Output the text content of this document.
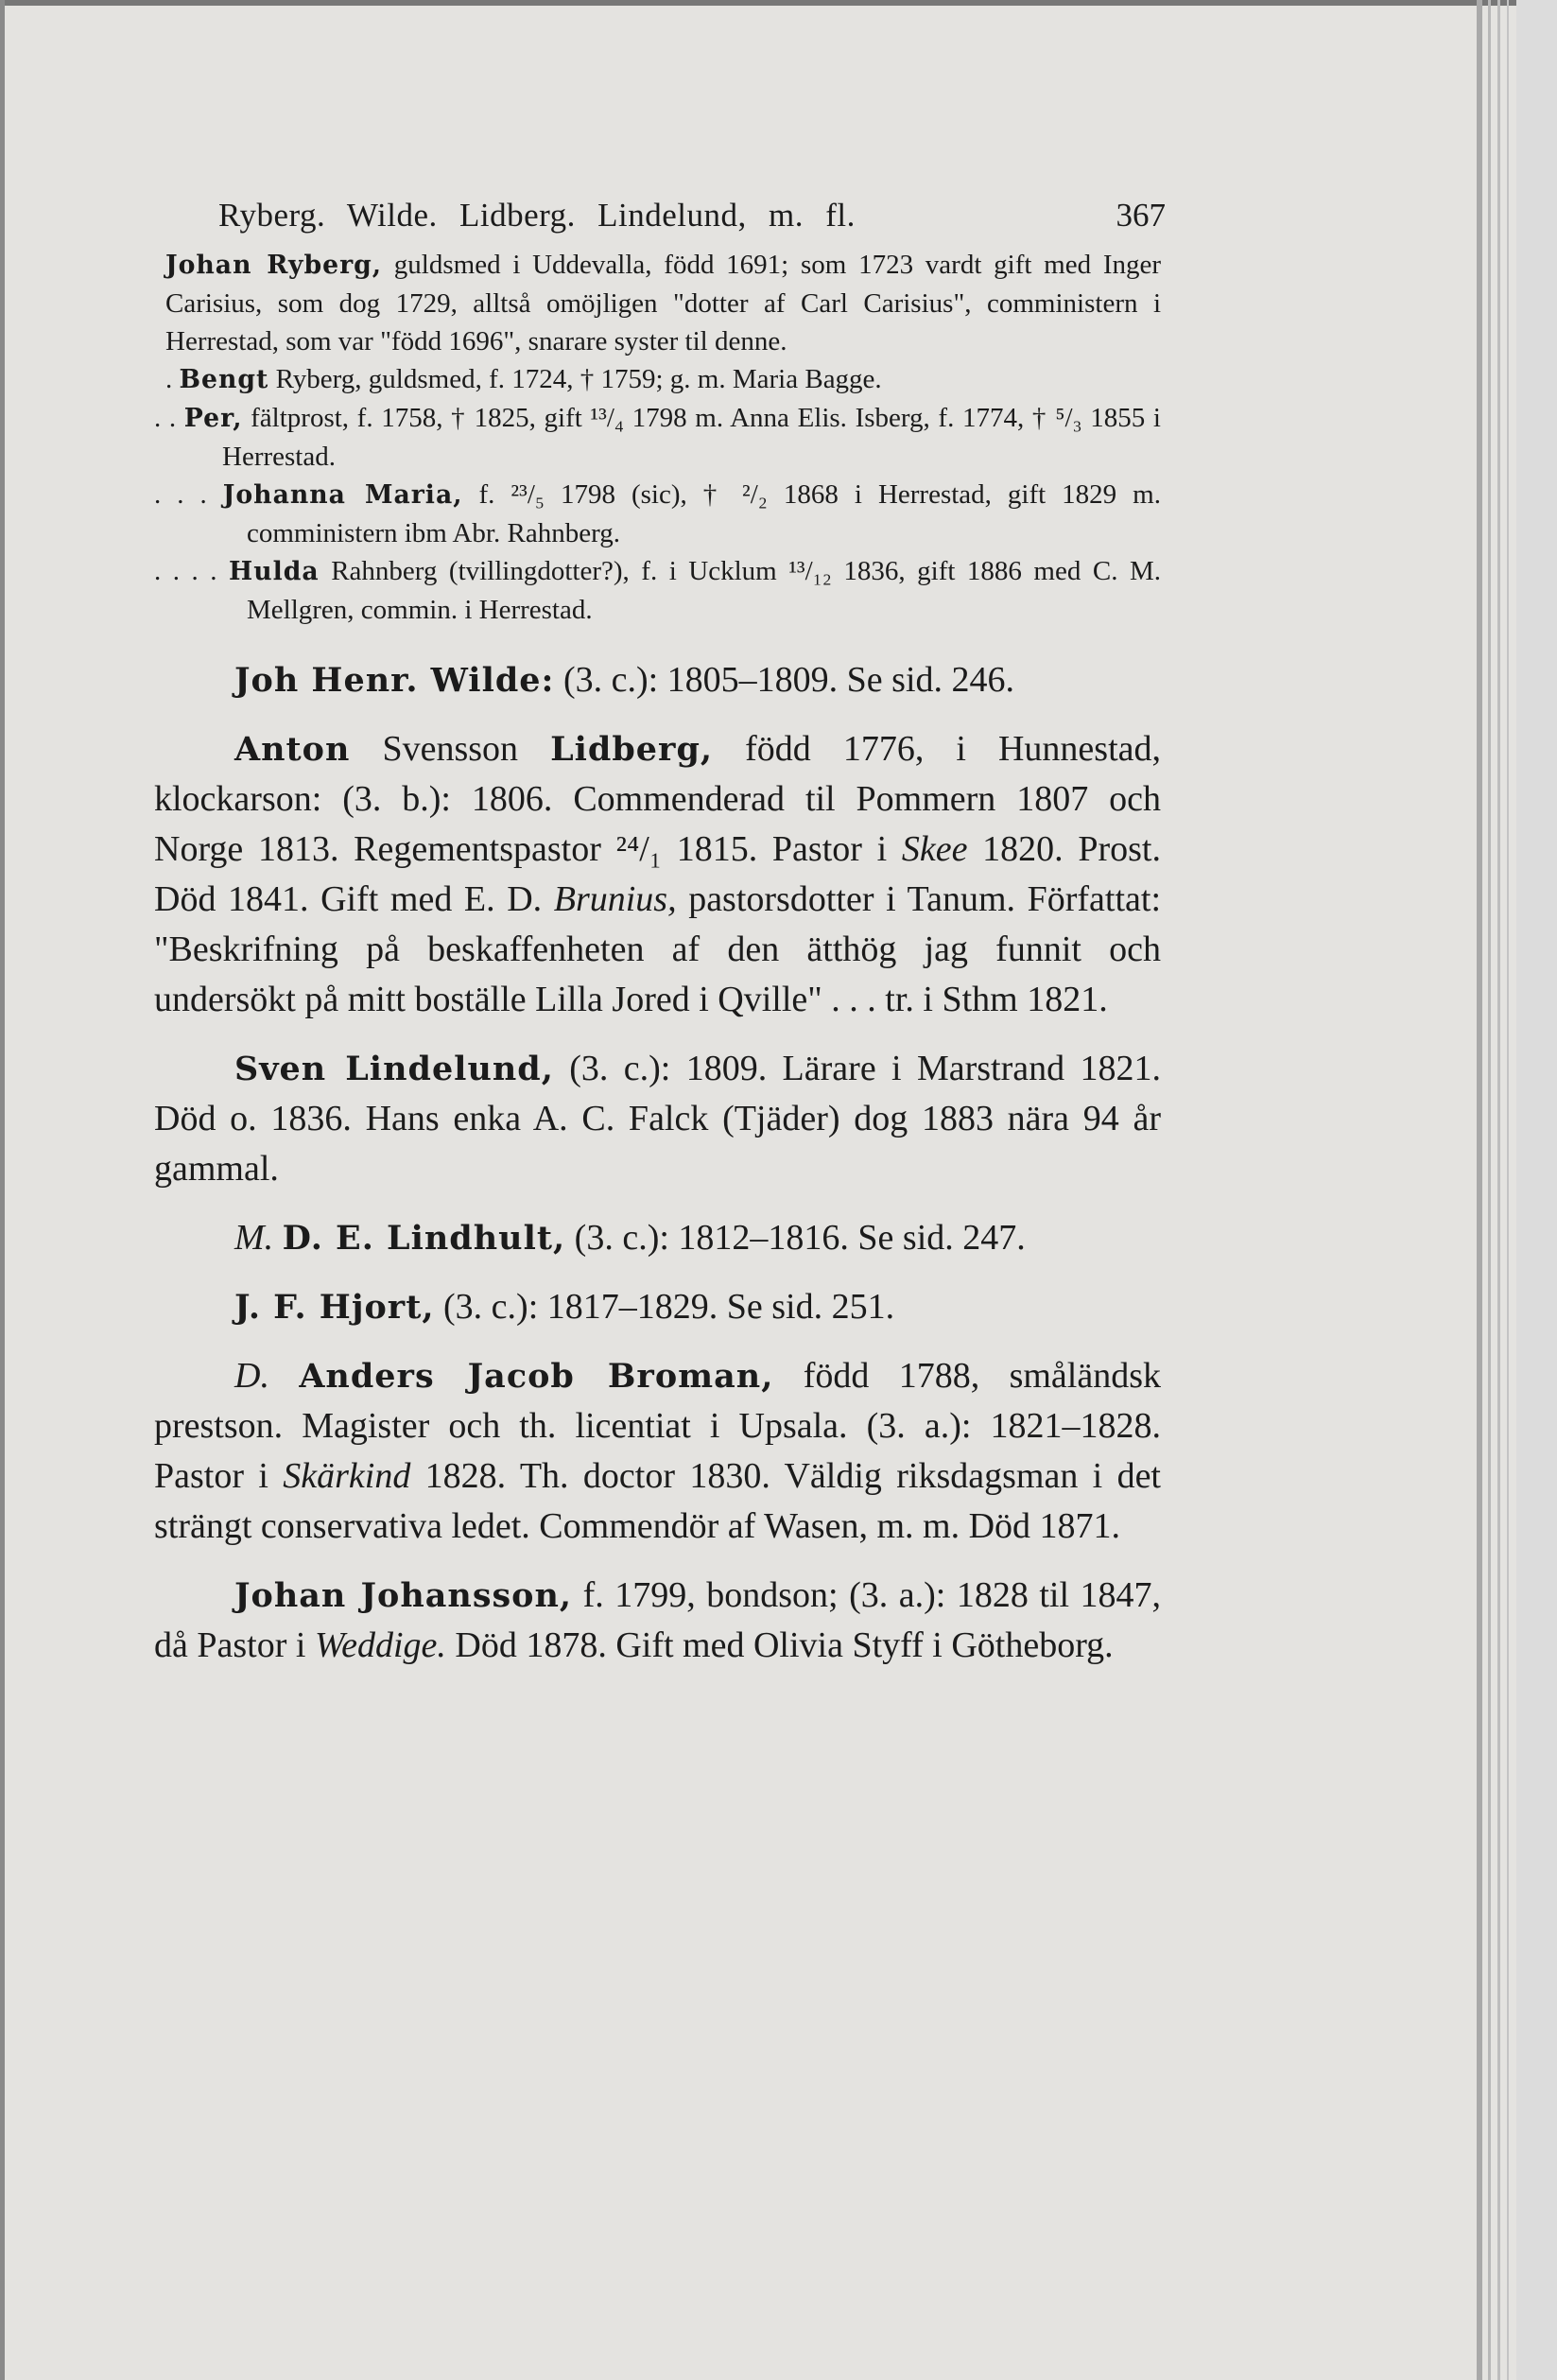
Ryberg. Wilde. Lidberg. Lindelund, m. fl.	367

Johan Ryberg, guldsmed i Uddevalla, född 1691; som 1723 vardt gift med Inger Carisius, som dog 1729, alltså omöjligen "dotter af Carl Carisius", comministern i Herrestad, som var "född 1696", snarare syster til denne.

. Bengt Ryberg, guldsmed, f. 1724, † 1759; g. m. Maria Bagge.

. . Per, fältprost, f. 1758, † 1825, gift ¹³/₄ 1798 m. Anna Elis. Isberg, f. 1774, † ⁵/₃ 1855 i Herrestad.

. . . Johanna Maria, f. ²³/₅ 1798 (sic), † ²/₂ 1868 i Herrestad, gift 1829 m. comministern ibm Abr. Rahnberg.

. . . . Hulda Rahnberg (tvillingdotter?), f. i Ucklum ¹³/₁₂ 1836, gift 1886 med C. M. Mellgren, commin. i Herrestad.

Joh Henr. Wilde: (3. c.): 1805–1809. Se sid. 246.

Anton Svensson Lidberg, född 1776, i Hunnestad, klockarson: (3. b.): 1806. Commenderad til Pommern 1807 och Norge 1813. Regementspastor ²⁴/₁ 1815. Pastor i Skee 1820. Prost. Död 1841. Gift med E. D. Brunius, pastorsdotter i Tanum. Författat: "Beskrifning på beskaffenheten af den ätthög jag funnit och undersökt på mitt boställe Lilla Jored i Qville" . . . tr. i Sthm 1821.

Sven Lindelund, (3. c.): 1809. Lärare i Marstrand 1821. Död o. 1836. Hans enka A. C. Falck (Tjäder) dog 1883 nära 94 år gammal.

M. D. E. Lindhult, (3. c.): 1812–1816. Se sid. 247.

J. F. Hjort, (3. c.): 1817–1829. Se sid. 251.

D. Anders Jacob Broman, född 1788, småländsk prestson. Magister och th. licentiat i Upsala. (3. a.): 1821–1828. Pastor i Skärkind 1828. Th. doctor 1830. Väldig riksdagsman i det strängt conservativa ledet. Commendör af Wasen, m. m. Död 1871.

Johan Johansson, f. 1799, bondson; (3. a.): 1828 til 1847, då Pastor i Weddige. Död 1878. Gift med Olivia Styff i Götheborg.
